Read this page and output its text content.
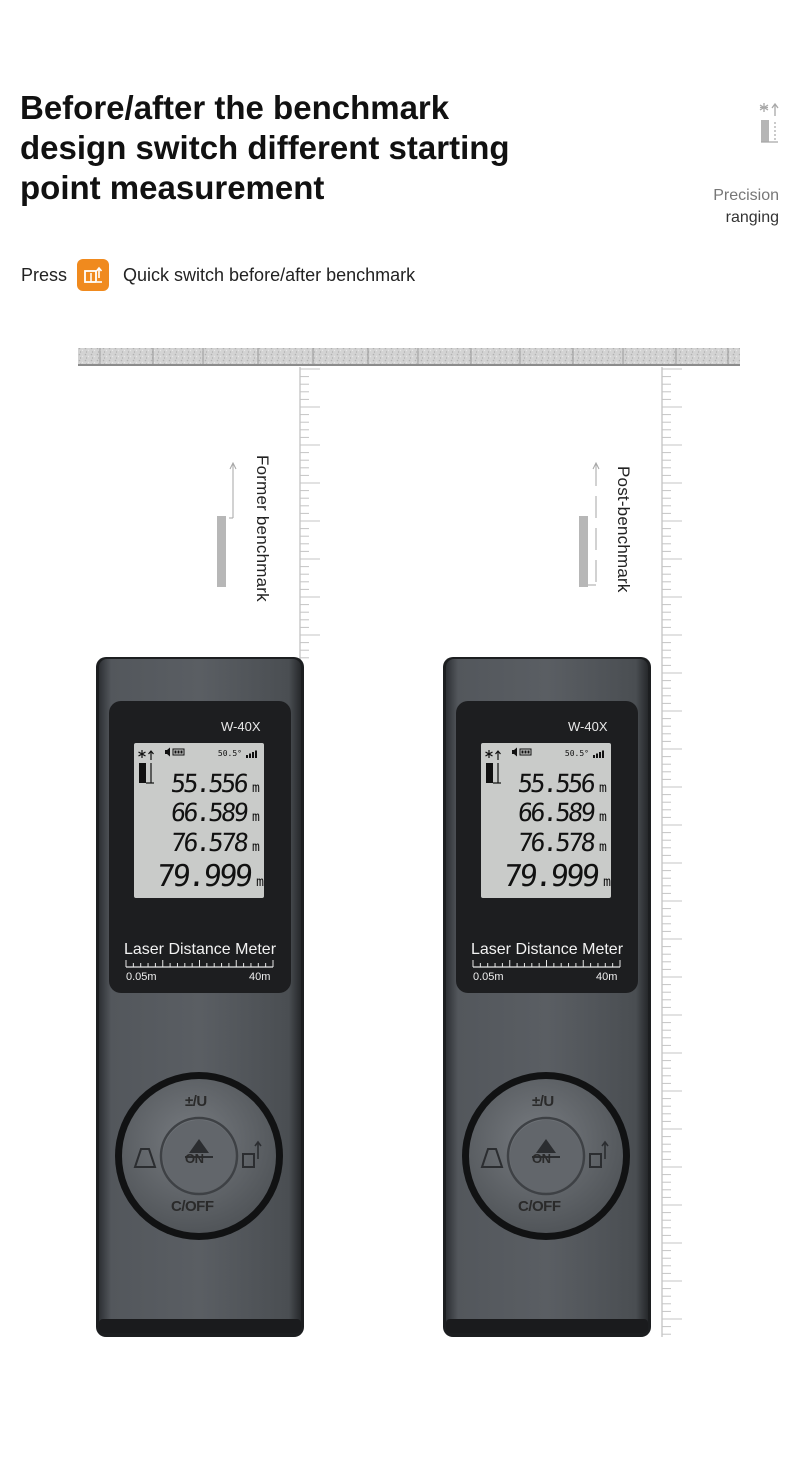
Before/after the benchmark
design switch different starting
point measurement	Precision
ranging
Press	Quick switch before/after benchmark
Former benchmark	Post-benchmark
W-40X
50.5°
55.556 m
66.589 m
76.578 m
79.999 m
Laser Distance Meter
0.05m	40m
±/U
ON
C/OFF
W-40X
50.5°
55.556 m
66.589 m
76.578 m
79.999 m
Laser Distance Meter
0.05m	40m
±/U
ON
C/OFF
